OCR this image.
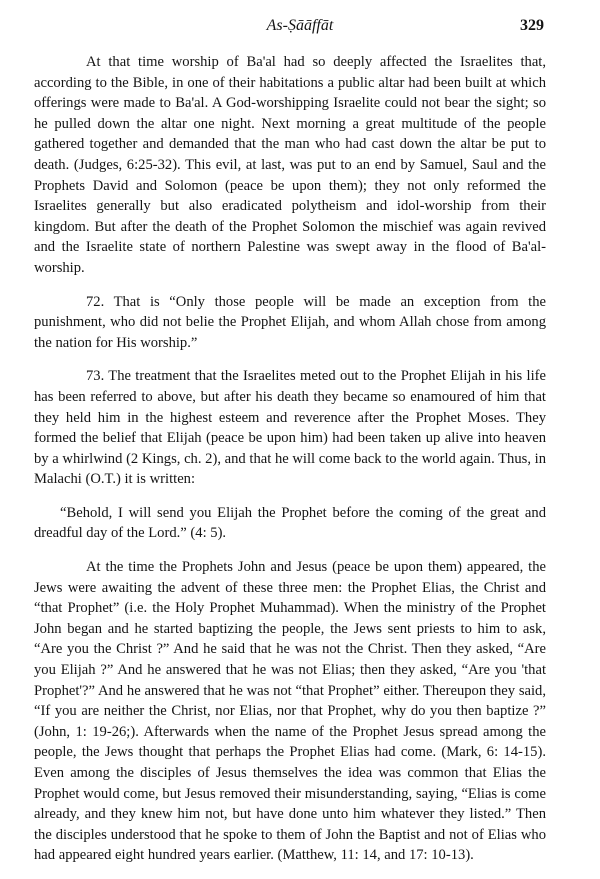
As-Ṣāāffāt	329

At that time worship of Ba'al had so deeply affected the Israelites that, according to the Bible, in one of their habitations a public altar had been built at which offerings were made to Ba'al. A God-worshipping Israelite could not bear the sight; so he pulled down the altar one night. Next morning a great multitude of the people gathered together and demanded that the man who had cast down the altar be put to death. (Judges, 6:25-32). This evil, at last, was put to an end by Samuel, Saul and the Prophets David and Solomon (peace be upon them); they not only reformed the Israelites generally but also eradicated polytheism and idol-worship from their kingdom. But after the death of the Prophet Solomon the mischief was again revived and the Israelite state of northern Palestine was swept away in the flood of Ba'al-worship.

72. That is “Only those people will be made an exception from the punishment, who did not belie the Prophet Elijah, and whom Allah chose from among the nation for His worship.”

73. The treatment that the Israelites meted out to the Prophet Elijah in his life has been referred to above, but after his death they became so enamoured of him that they held him in the highest esteem and reverence after the Prophet Moses. They formed the belief that Elijah (peace be upon him) had been taken up alive into heaven by a whirlwind (2 Kings, ch. 2), and that he will come back to the world again. Thus, in Malachi (O.T.) it is written:

“Behold, I will send you Elijah the Prophet before the coming of the great and dreadful day of the Lord.” (4: 5).

At the time the Prophets John and Jesus (peace be upon them) appeared, the Jews were awaiting the advent of these three men: the Prophet Elias, the Christ and “that Prophet” (i.e. the Holy Prophet Muhammad). When the ministry of the Prophet John began and he started baptizing the people, the Jews sent priests to him to ask, “Are you the Christ ?” And he said that he was not the Christ. Then they asked, “Are you Elijah ?” And he answered that he was not Elias; then they asked, “Are you 'that Prophet'?” And he answered that he was not “that Prophet” either. Thereupon they said, “If you are neither the Christ, nor Elias, nor that Prophet, why do you then baptize ?” (John, 1: 19-26;). Afterwards when the name of the Prophet Jesus spread among the people, the Jews thought that perhaps the Prophet Elias had come. (Mark, 6: 14-15). Even among the disciples of Jesus themselves the idea was common that Elias the Prophet would come, but Jesus removed their misunderstanding, saying, “Elias is come already, and they knew him not, but have done unto him whatever they listed.” Then the disciples understood that he spoke to them of John the Baptist and not of Elias who had appeared eight hundred years earlier. (Matthew, 11: 14, and 17: 10-13).
